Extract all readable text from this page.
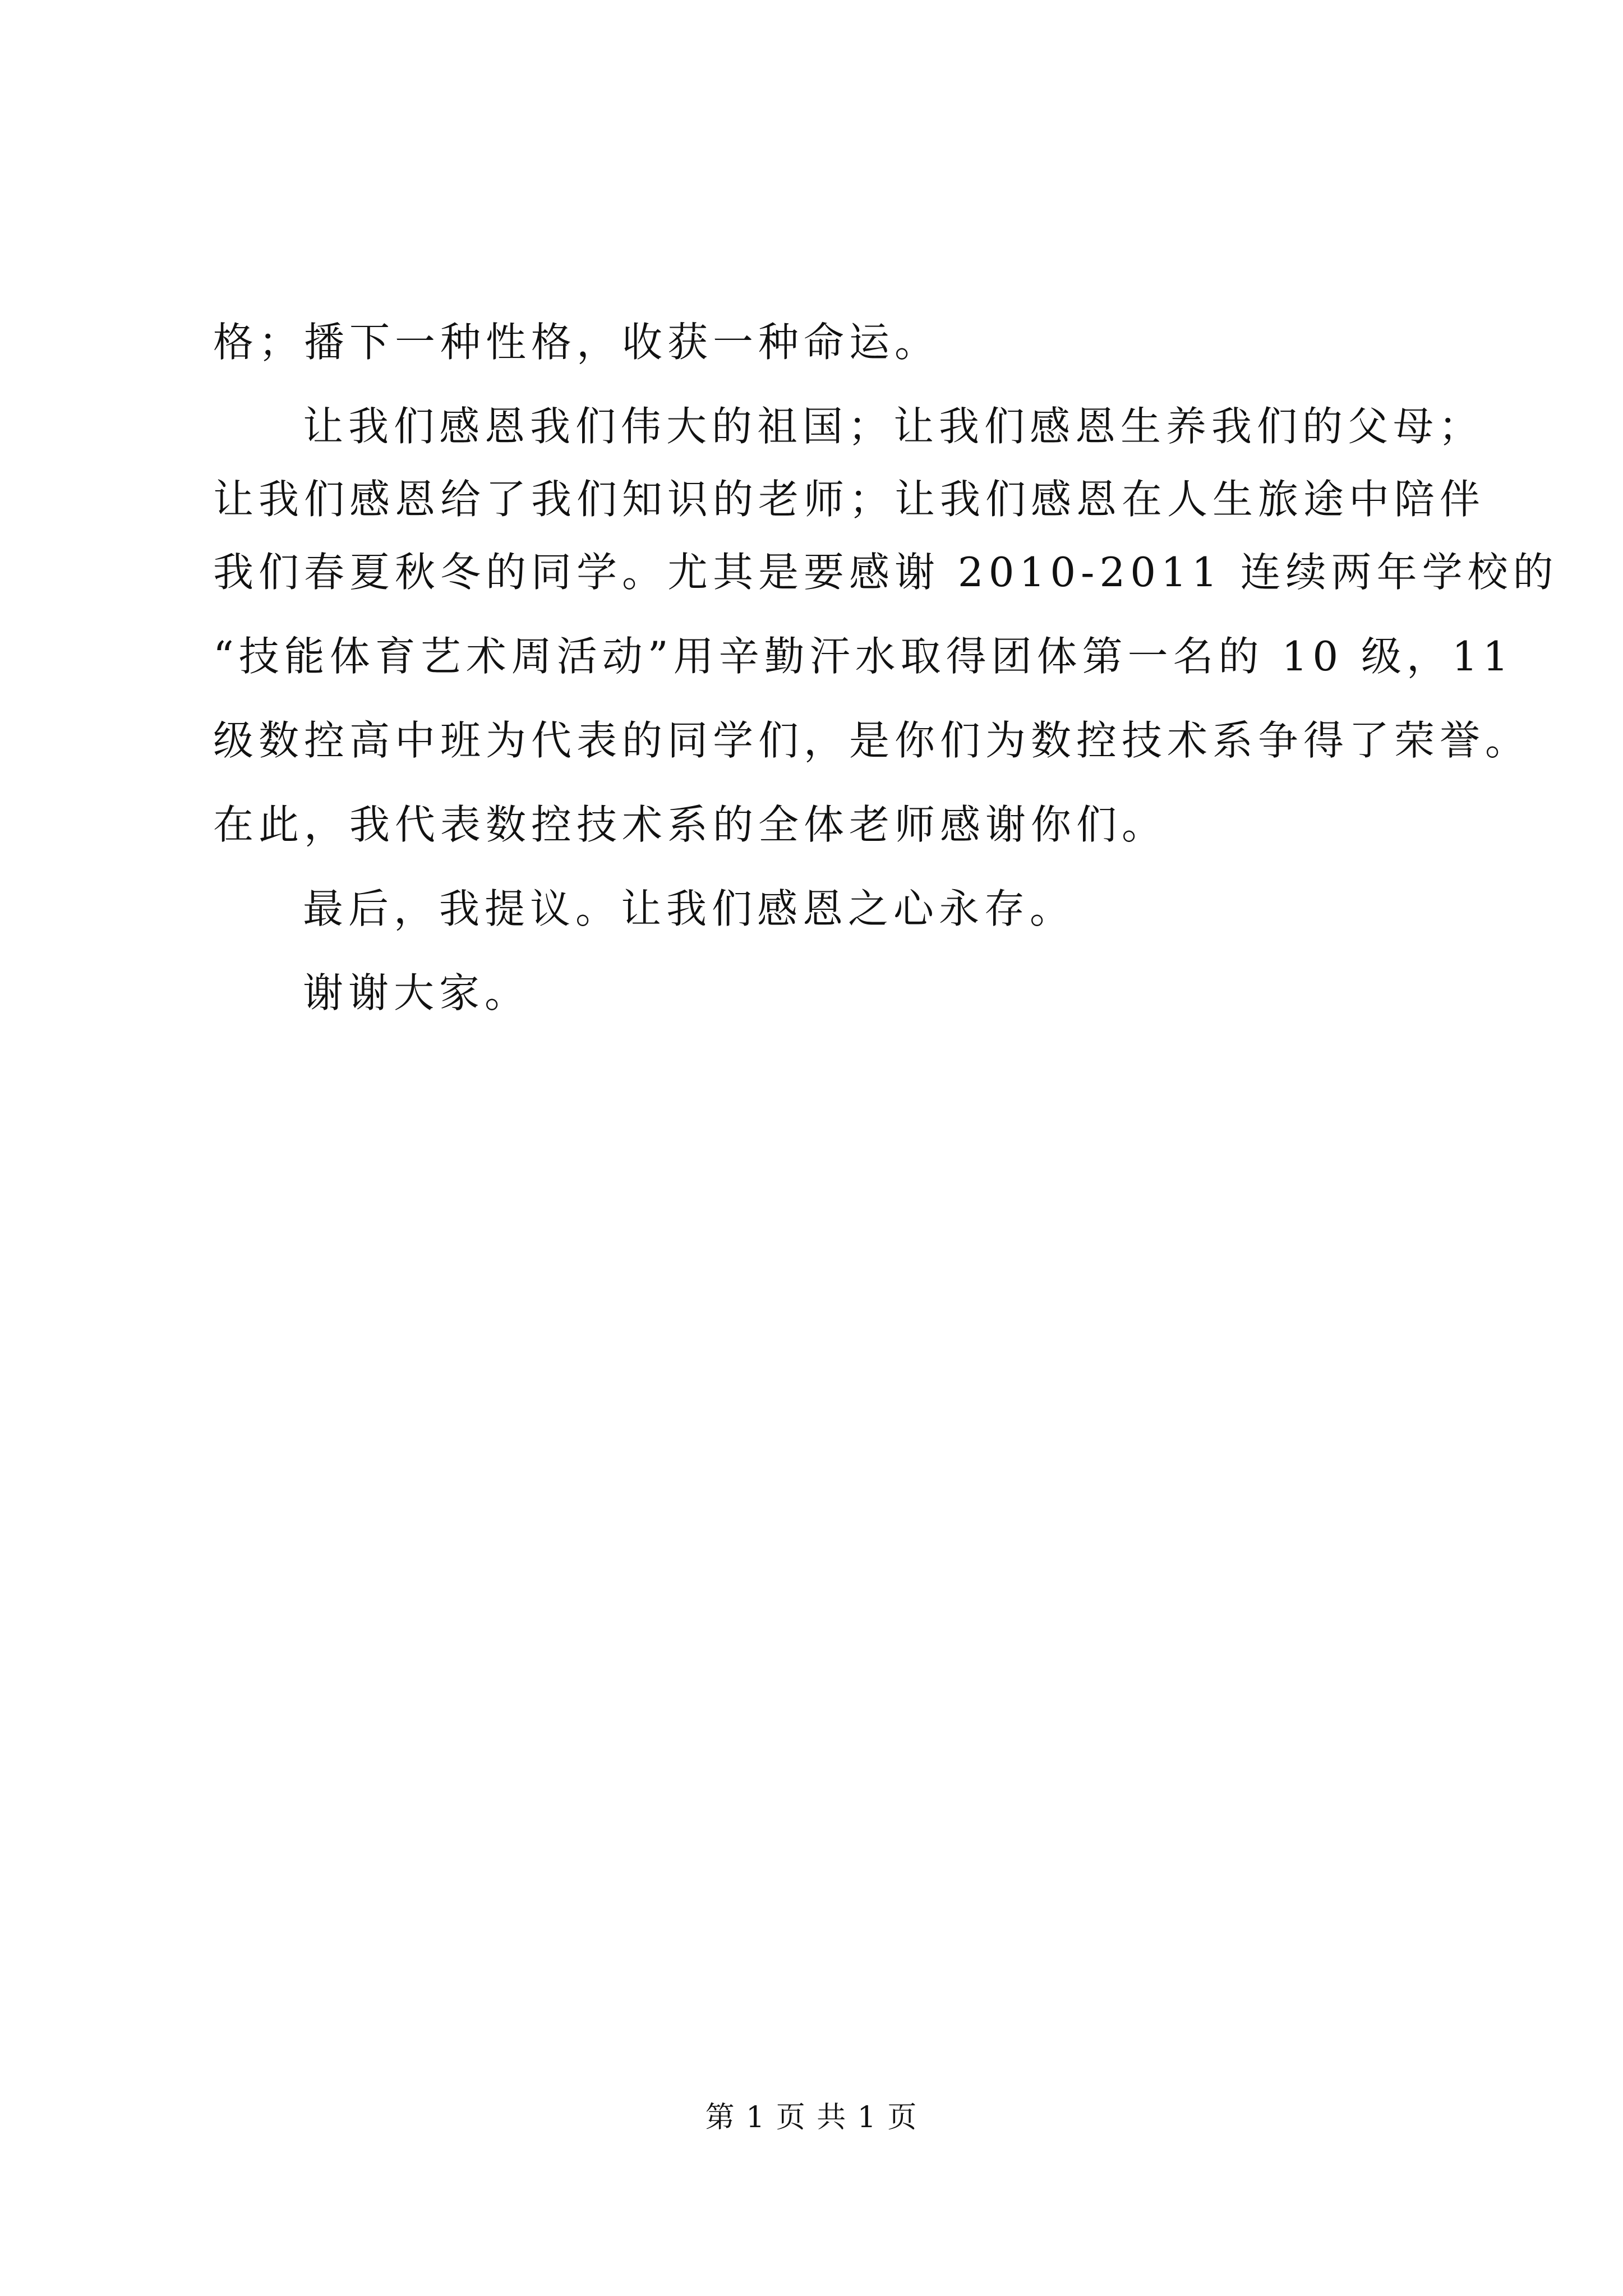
格；播下一种性格，收获一种命运。
让我们感恩我们伟大的祖国；让我们感恩生养我们的父母；
让我们感恩给了我们知识的老师；让我们感恩在人生旅途中陪伴
我们春夏秋冬的同学。尤其是要感谢 2010-2011 连续两年学校的
“技能体育艺术周活动”用辛勤汗水取得团体第一名的 10 级，11
级数控高中班为代表的同学们，是你们为数控技术系争得了荣誉。
在此，我代表数控技术系的全体老师感谢你们。
最后，我提议。让我们感恩之心永存。
谢谢大家。
第 1 页 共 1 页
